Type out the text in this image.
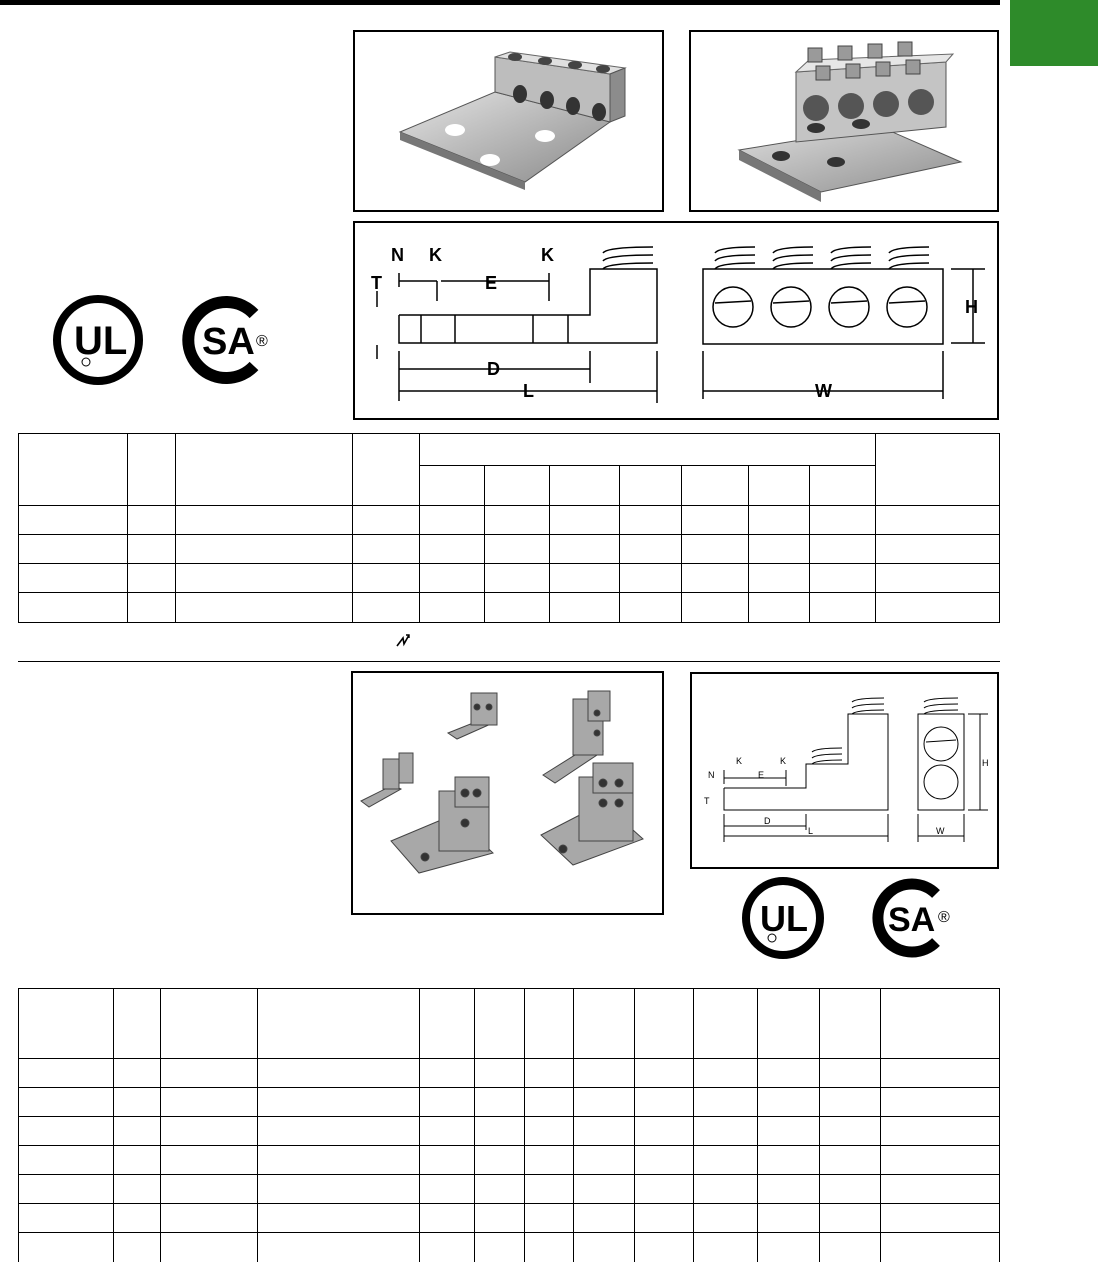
UL SA ®
N K	K
E
T
D
L	W
H

N
K	K
E
T
D
L	W
H
UL SA ®
